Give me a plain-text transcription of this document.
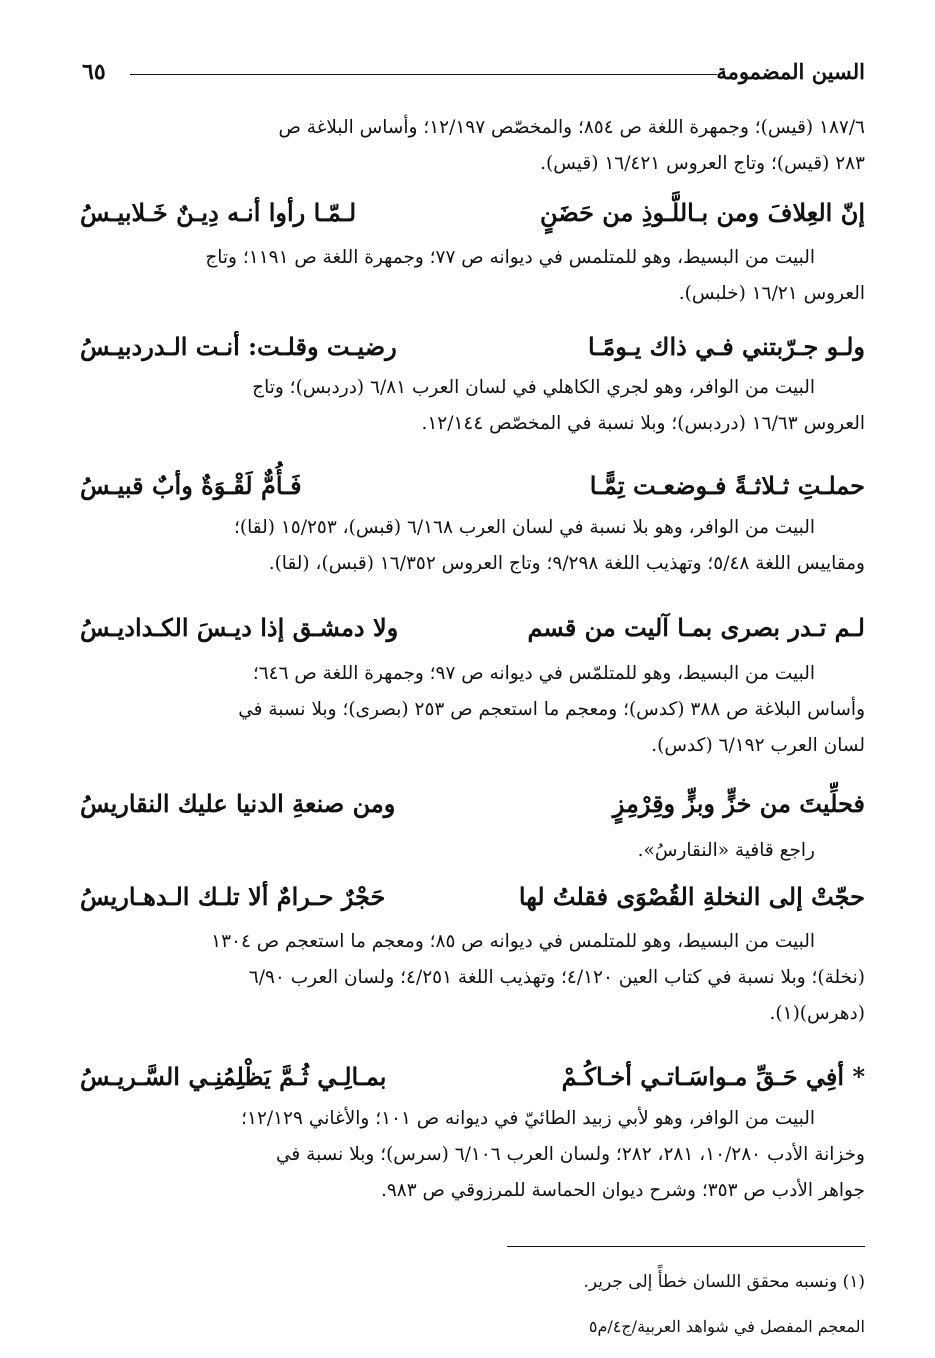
السين المضمومة
٦٥

١٨٧/٦ (قيس)؛ وجمهرة اللغة ص ٨٥٤؛ والمخصّص ١٢/١٩٧؛ وأساس البلاغة ص

٢٨٣ (قيس)؛ وتاج العروس ١٦/٤٢١ (قيس).

إنّ العِلافَ ومن بـاللَّـوذِ من حَضَنٍ
لـمّـا رأوا أنـه دِيـنٌ خَـلابيـسُ

البيت من البسيط، وهو للمتلمس في ديوانه ص ٧٧؛ وجمهرة اللغة ص ١١٩١؛ وتاج

العروس ١٦/٢١ (خلبس).

ولـو جـرّبتني فـي ذاك يـومًـا
رضيـت وقلـت: أنـت الـدردبيـسُ

البيت من الوافر، وهو لجري الكاهلي في لسان العرب ٦/٨١ (دردبس)؛ وتاج

العروس ١٦/٦٣ (دردبس)؛ وبلا نسبة في المخصّص ١٢/١٤٤.

حملـتِ ثـلاثـةً فـوضعـت تِمًّـا
فَـأُمٌّ لَقْـوَةٌ وأبٌ قبيـسُ

البيت من الوافر، وهو بلا نسبة في لسان العرب ٦/١٦٨ (قبس)، ١٥/٢٥٣ (لقا)؛

ومقاييس اللغة ٥/٤٨؛ وتهذيب اللغة ٩/٢٩٨؛ وتاج العروس ١٦/٣٥٢ (قبس)، (لقا).

لـم تـدر بصرى بمـا آليت من قسم
ولا دمشـق إذا ديـسَ الكـداديـسُ

البيت من البسيط، وهو للمتلمّس في ديوانه ص ٩٧؛ وجمهرة اللغة ص ٦٤٦؛

وأساس البلاغة ص ٣٨٨ (كدس)؛ ومعجم ما استعجم ص ٢٥٣ (بصرى)؛ وبلا نسبة في

لسان العرب ٦/١٩٢ (كدس).

فحلِّيتَ من خزٍّ وبزٍّ وقِرْمِزٍ
ومن صنعةِ الدنيا عليك النقاريسُ

راجع قافية «النقارسُ».

حجّتْ إلى النخلةِ القُصْوَى فقلتُ لها
حَجْرٌ حـرامٌ ألا تلـك الـدهـاريسُ

البيت من البسيط، وهو للمتلمس في ديوانه ص ٨٥؛ ومعجم ما استعجم ص ١٣٠٤

(نخلة)؛ وبلا نسبة في كتاب العين ٤/١٢٠؛ وتهذيب اللغة ٤/٢٥١؛ ولسان العرب ٦/٩٠

(دهرس)(١).

* أفِي حَـقِّ مـواسَـاتـي أخـاكُـمْ
بمـالِـي ثُـمَّ يَظْلِمُنِـي السَّـريـسُ

البيت من الوافر، وهو لأبي زبيد الطائيّ في ديوانه ص ١٠١؛ والأغاني ١٢/١٢٩؛

وخزانة الأدب ١٠/٢٨٠، ٢٨١، ٢٨٢؛ ولسان العرب ٦/١٠٦ (سرس)؛ وبلا نسبة في

جواهر الأدب ص ٣٥٣؛ وشرح ديوان الحماسة للمرزوقي ص ٩٨٣.

(١) ونسبه محقق اللسان خطأً إلى جرير.
المعجم المفصل في شواهد العربية/ج٤/م٥
